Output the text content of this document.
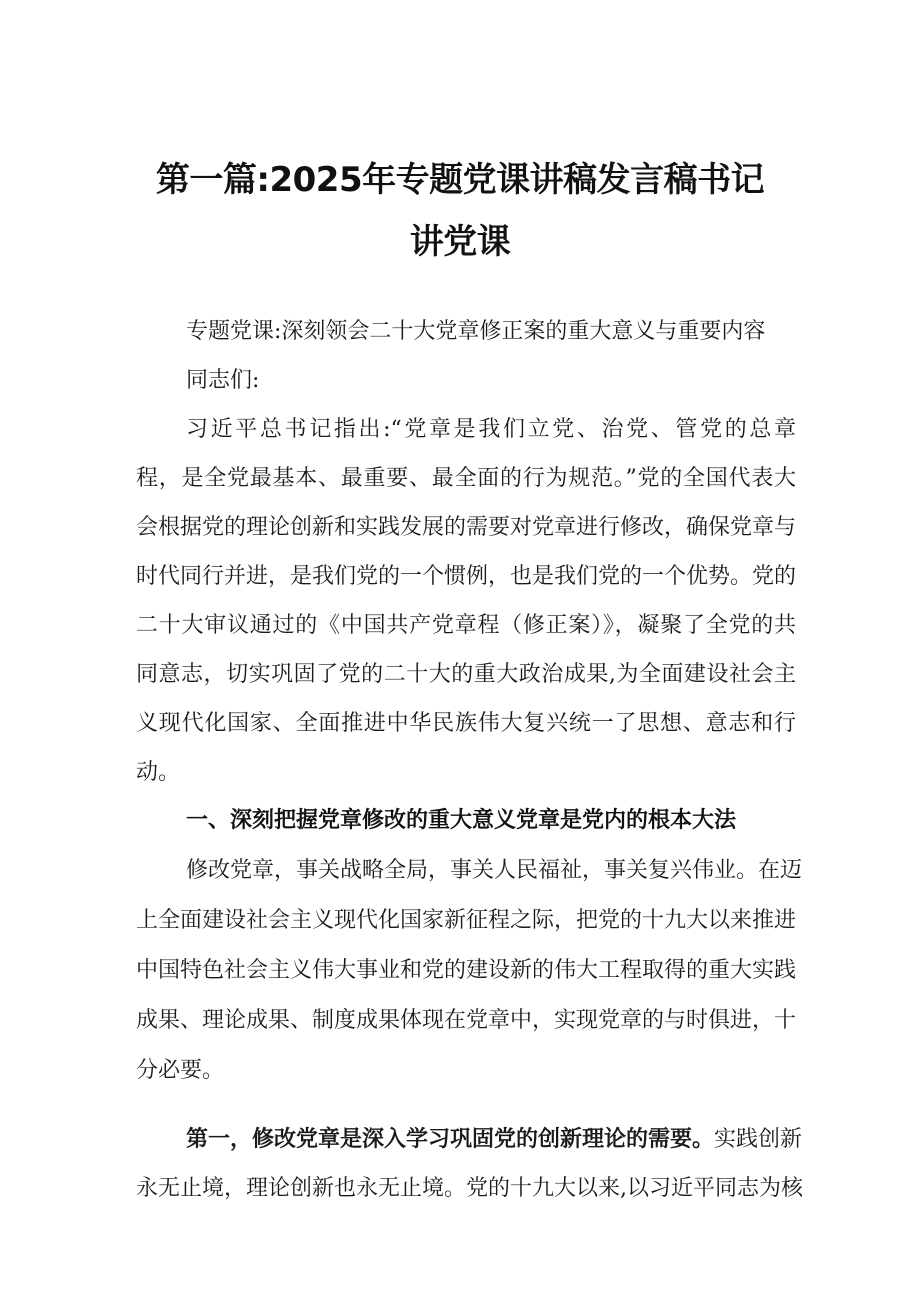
第一篇:2025年专题党课讲稿发言稿书记
讲党课

专题党课:深刻领会二十大党章修正案的重大意义与重要内容

同志们:

习近平总书记指出:“党章是我们立党、治党、管党的总章

程，是全党最基本、最重要、最全面的行为规范。”党的全国代表大

会根据党的理论创新和实践发展的需要对党章进行修改，确保党章与

时代同行并进，是我们党的一个惯例，也是我们党的一个优势。党的

二十大审议通过的《中国共产党章程（修正案）》，凝聚了全党的共

同意志，切实巩固了党的二十大的重大政治成果,为全面建设社会主

义现代化国家、全面推进中华民族伟大复兴统一了思想、意志和行

动。

一、深刻把握党章修改的重大意义党章是党内的根本大法

修改党章，事关战略全局，事关人民福祉，事关复兴伟业。在迈

上全面建设社会主义现代化国家新征程之际，把党的十九大以来推进

中国特色社会主义伟大事业和党的建设新的伟大工程取得的重大实践

成果、理论成果、制度成果体现在党章中，实现党章的与时俱进，十

分必要。

第一，修改党章是深入学习巩固党的创新理论的需要。实践创新

永无止境，理论创新也永无止境。党的十九大以来,以习近平同志为核
